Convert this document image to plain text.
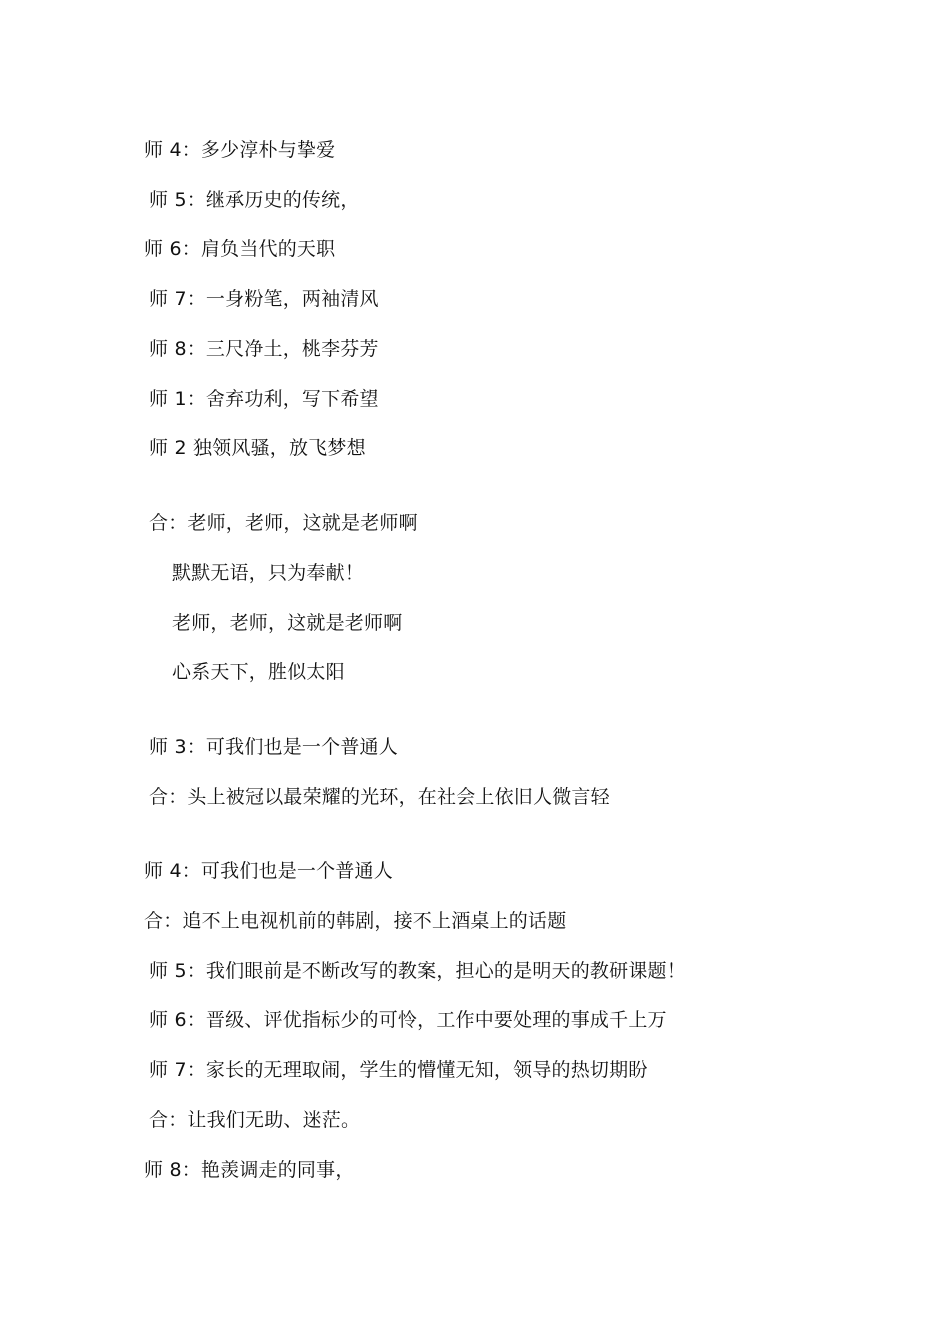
师 4：多少淳朴与挚爱
师 5：继承历史的传统，
师 6：肩负当代的天职
师 7：一身粉笔，两袖清风
师 8：三尺净土，桃李芬芳
师 1：舍弃功利，写下希望
师 2 独领风骚，放飞梦想
合：老师，老师，这就是老师啊
默默无语，只为奉献！
老师，老师，这就是老师啊
心系天下，胜似太阳
师 3：可我们也是一个普通人
合：头上被冠以最荣耀的光环，在社会上依旧人微言轻
师 4：可我们也是一个普通人
合：追不上电视机前的韩剧，接不上酒桌上的话题
师 5：我们眼前是不断改写的教案，担心的是明天的教研课题！
师 6：晋级、评优指标少的可怜，工作中要处理的事成千上万
师 7：家长的无理取闹，学生的懵懂无知，领导的热切期盼
合：让我们无助、迷茫。
师 8：艳羡调走的同事，
